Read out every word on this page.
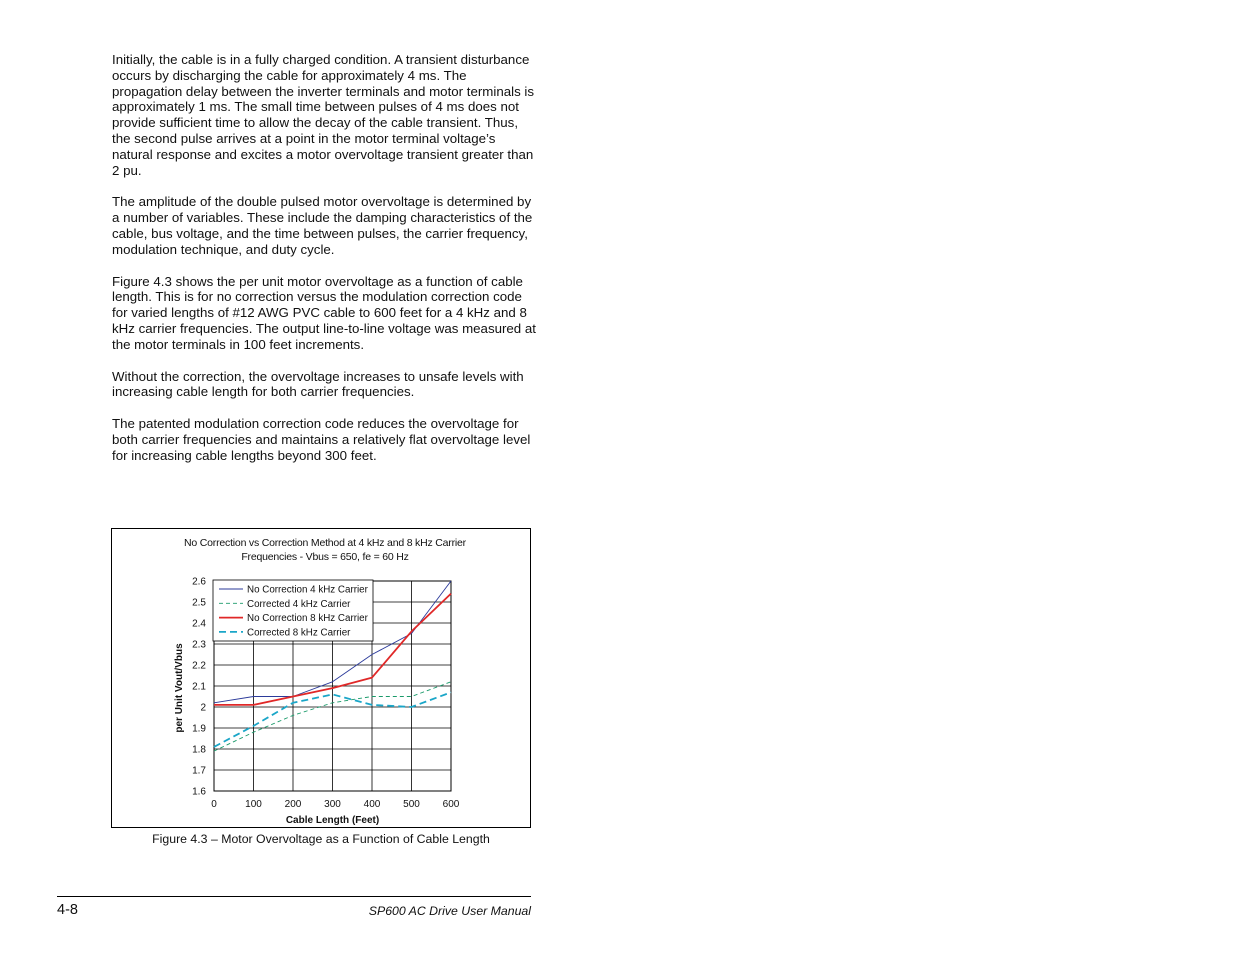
Initially, the cable is in a fully charged condition. A transient disturbance occurs by discharging the cable for approximately 4 ms. The propagation delay between the inverter terminals and motor terminals is approximately 1 ms. The small time between pulses of 4 ms does not provide sufficient time to allow the decay of the cable transient. Thus, the second pulse arrives at a point in the motor terminal voltage’s natural response and excites a motor overvoltage transient greater than 2 pu.

The amplitude of the double pulsed motor overvoltage is determined by a number of variables. These include the damping characteristics of the cable, bus voltage, and the time between pulses, the carrier frequency, modulation technique, and duty cycle.

Figure 4.3 shows the per unit motor overvoltage as a function of cable length. This is for no correction versus the modulation correction code for varied lengths of #12 AWG PVC cable to 600 feet for a 4 kHz and 8 kHz carrier frequencies. The output line-to-line voltage was measured at the motor terminals in 100 feet increments.

Without the correction, the overvoltage increases to unsafe levels with increasing cable length for both carrier frequencies.

The patented modulation correction code reduces the overvoltage for both carrier frequencies and maintains a relatively flat overvoltage level for increasing cable lengths beyond 300 feet.

No Correction vs Correction Method at 4 kHz and 8 kHz Carrier
Frequencies - Vbus = 650, fe = 60 Hz
0	100 200 300 400 500 600
1.6
1.7
1.8
1.9
2
2.1
2.2
2.3
2.4
2.5
2.6
Cable Length (Feet)
per Unit Vout/Vbus
No Correction 4 kHz Carrier
Corrected 4 kHz Carrier
No Correction 8 kHz Carrier
Corrected 8 kHz Carrier
Figure 4.3 – Motor Overvoltage as a Function of Cable Length
4-8	SP600 AC Drive User Manual
